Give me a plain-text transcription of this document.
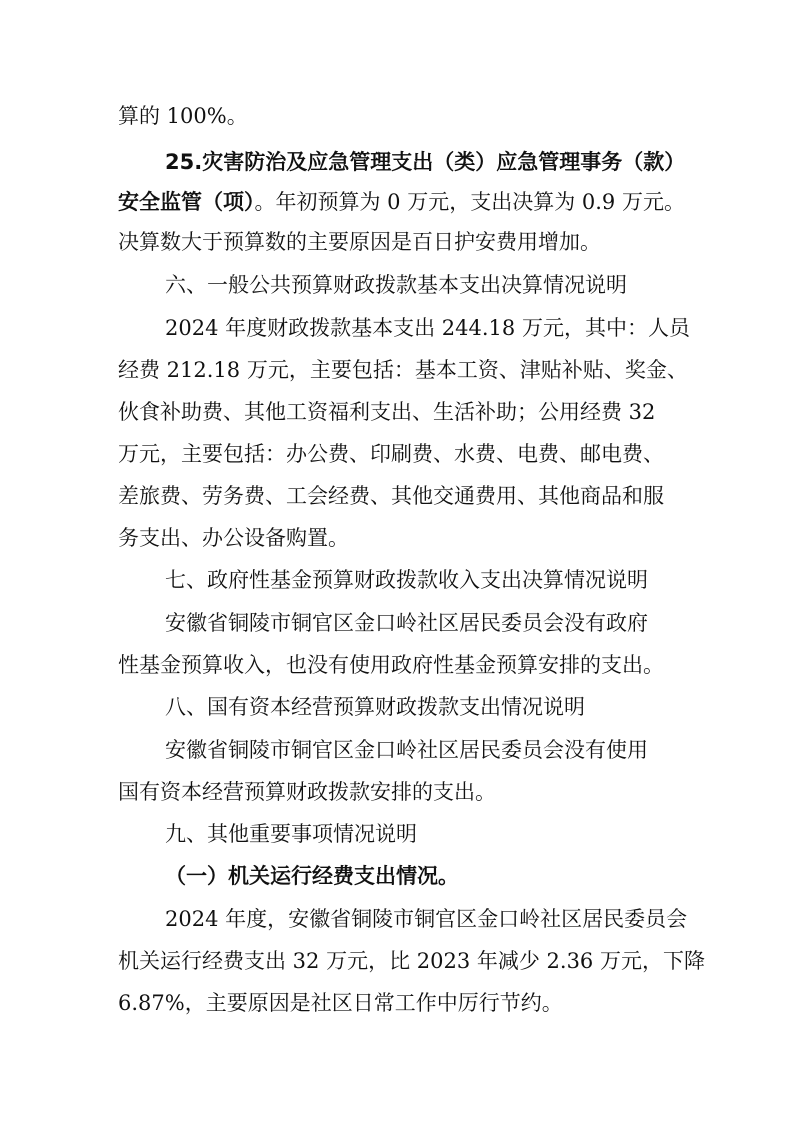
算的 100%。
25.灾害防治及应急管理支出（类）应急管理事务（款）
安全监管（项）。年初预算为 0 万元，支出决算为 0.9 万元。
决算数大于预算数的主要原因是百日护安费用增加。
六、一般公共预算财政拨款基本支出决算情况说明
2024 年度财政拨款基本支出 244.18 万元，其中：人员
经费 212.18 万元，主要包括：基本工资、津贴补贴、奖金、
伙食补助费、其他工资福利支出、生活补助；公用经费 32
万元，主要包括：办公费、印刷费、水费、电费、邮电费、
差旅费、劳务费、工会经费、其他交通费用、其他商品和服
务支出、办公设备购置。
七、政府性基金预算财政拨款收入支出决算情况说明
安徽省铜陵市铜官区金口岭社区居民委员会没有政府
性基金预算收入，也没有使用政府性基金预算安排的支出。
八、国有资本经营预算财政拨款支出情况说明
安徽省铜陵市铜官区金口岭社区居民委员会没有使用
国有资本经营预算财政拨款安排的支出。
九、其他重要事项情况说明
（一）机关运行经费支出情况。
2024 年度，安徽省铜陵市铜官区金口岭社区居民委员会
机关运行经费支出 32 万元，比 2023 年减少 2.36 万元，下降
6.87%，主要原因是社区日常工作中厉行节约。
